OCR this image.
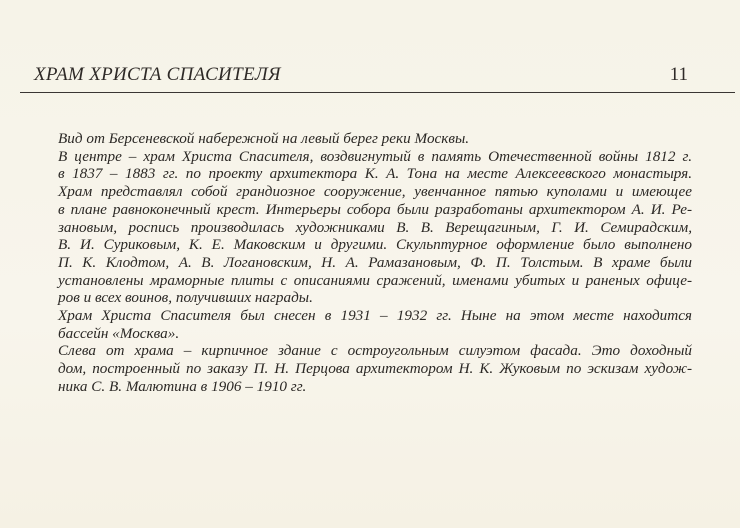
ХРАМ ХРИСТА СПАСИТЕЛЯ	11
Вид от Берсеневской набережной на левый берег реки Москвы.
В центре – храм Христа Спасителя, воздвигнутый в память Отечественной войны 1812 г.
в 1837 – 1883 гг. по проекту архитектора К. А. Тона на месте Алексеевского монастыря.
Храм представлял собой грандиозное сооружение, увенчанное пятью куполами и имеющее
в плане равноконечный крест. Интерьеры собора были разработаны архитектором А. И. Ре-
зановым, роспись производилась художниками В. В. Верещагиным, Г. И. Семирадским,
В. И. Суриковым, К. Е. Маковским и другими. Скульптурное оформление было выполнено
П. К. Клодтом, А. В. Логановским, Н. А. Рамазановым, Ф. П. Толстым. В храме были
установлены мраморные плиты с описаниями сражений, именами убитых и раненых офице-
ров и всех воинов, получивших награды.
Храм Христа Спасителя был снесен в 1931 – 1932 гг. Ныне на этом месте находится
бассейн «Москва».
Слева от храма – кирпичное здание с остроугольным силуэтом фасада. Это доходный
дом, построенный по заказу П. Н. Перцова архитектором Н. К. Жуковым по эскизам худож-
ника С. В. Малютина в 1906 – 1910 гг.
